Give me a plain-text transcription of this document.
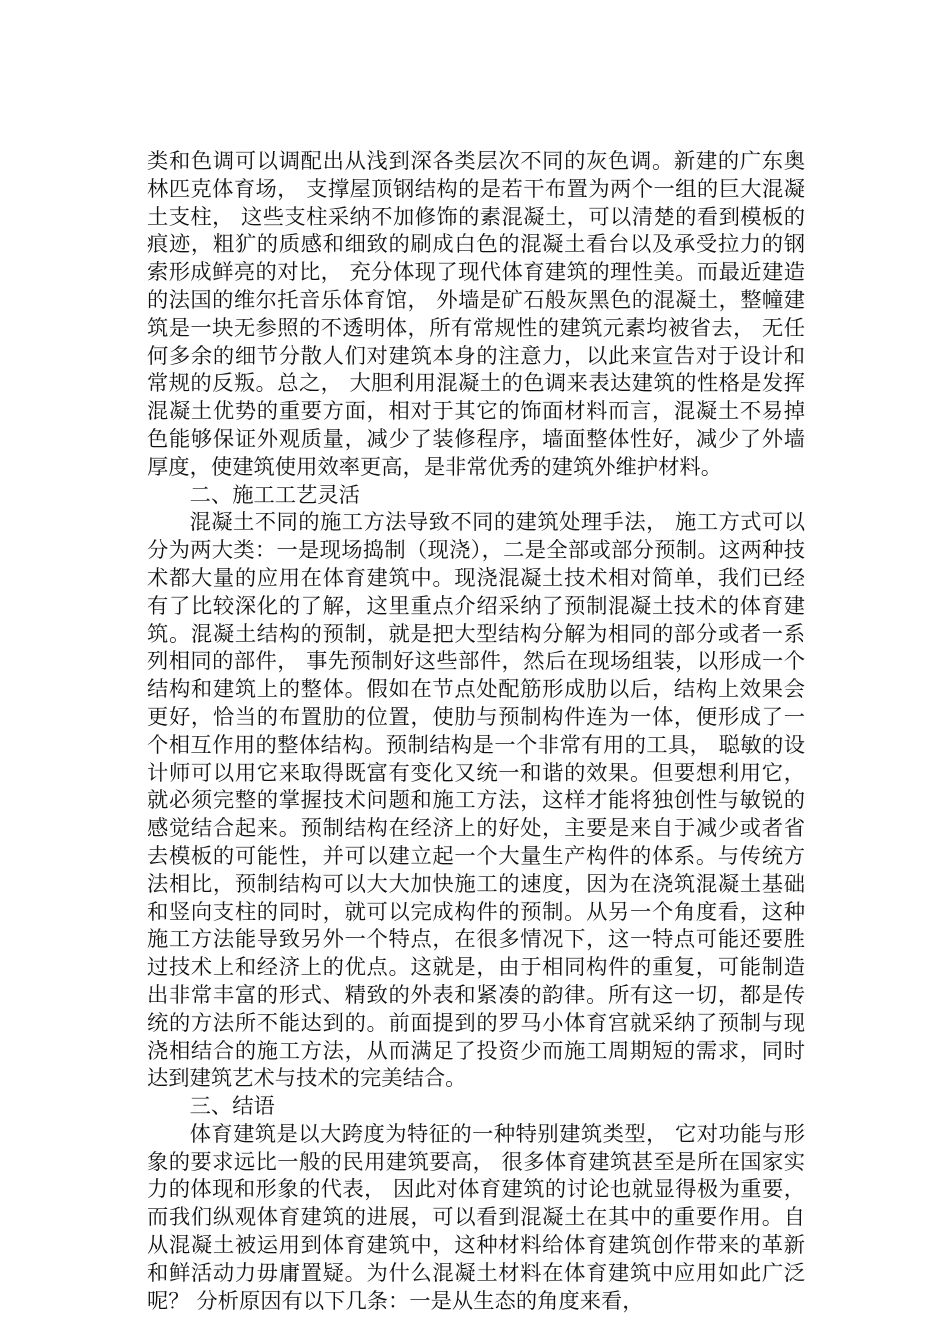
类和色调可以调配出从浅到深各类层次不同的灰色调。新建的广东奥林匹克体育场， 支撑屋顶钢结构的是若干布置为两个一组的巨大混凝土支柱， 这些支柱采纳不加修饰的素混凝土，可以清楚的看到模板的痕迹，粗犷的质感和细致的刷成白色的混凝土看台以及承受拉力的钢索形成鲜亮的对比， 充分体现了现代体育建筑的理性美。而最近建造的法国的维尔托音乐体育馆， 外墙是矿石般灰黑色的混凝土，整幢建筑是一块无参照的不透明体，所有常规性的建筑元素均被省去， 无任何多余的细节分散人们对建筑本身的注意力，以此来宣告对于设计和常规的反叛。总之， 大胆利用混凝土的色调来表达建筑的性格是发挥混凝土优势的重要方面，相对于其它的饰面材料而言，混凝土不易掉色能够保证外观质量，减少了装修程序，墙面整体性好，减少了外墙厚度，使建筑使用效率更高，是非常优秀的建筑外维护材料。

二、施工工艺灵活

混凝土不同的施工方法导致不同的建筑处理手法， 施工方式可以分为两大类：一是现场捣制（现浇），二是全部或部分预制。这两种技术都大量的应用在体育建筑中。现浇混凝土技术相对简单，我们已经有了比较深化的了解，这里重点介绍采纳了预制混凝土技术的体育建筑。混凝土结构的预制，就是把大型结构分解为相同的部分或者一系列相同的部件， 事先预制好这些部件，然后在现场组装，以形成一个结构和建筑上的整体。假如在节点处配筋形成肋以后，结构上效果会更好，恰当的布置肋的位置，使肋与预制构件连为一体，便形成了一个相互作用的整体结构。预制结构是一个非常有用的工具， 聪敏的设计师可以用它来取得既富有变化又统一和谐的效果。但要想利用它，就必须完整的掌握技术问题和施工方法，这样才能将独创性与敏锐的感觉结合起来。预制结构在经济上的好处，主要是来自于减少或者省去模板的可能性，并可以建立起一个大量生产构件的体系。与传统方法相比，预制结构可以大大加快施工的速度，因为在浇筑混凝土基础和竖向支柱的同时，就可以完成构件的预制。从另一个角度看，这种施工方法能导致另外一个特点，在很多情况下，这一特点可能还要胜过技术上和经济上的优点。这就是，由于相同构件的重复，可能制造出非常丰富的形式、精致的外表和紧凑的韵律。所有这一切，都是传统的方法所不能达到的。前面提到的罗马小体育宫就采纳了预制与现浇相结合的施工方法，从而满足了投资少而施工周期短的需求，同时达到建筑艺术与技术的完美结合。

三、结语

体育建筑是以大跨度为特征的一种特别建筑类型， 它对功能与形象的要求远比一般的民用建筑要高， 很多体育建筑甚至是所在国家实力的体现和形象的代表， 因此对体育建筑的讨论也就显得极为重要，而我们纵观体育建筑的进展，可以看到混凝土在其中的重要作用。自从混凝土被运用到体育建筑中，这种材料给体育建筑创作带来的革新和鲜活动力毋庸置疑。为什么混凝土材料在体育建筑中应用如此广泛呢？ 分析原因有以下几条：一是从生态的角度来看，
